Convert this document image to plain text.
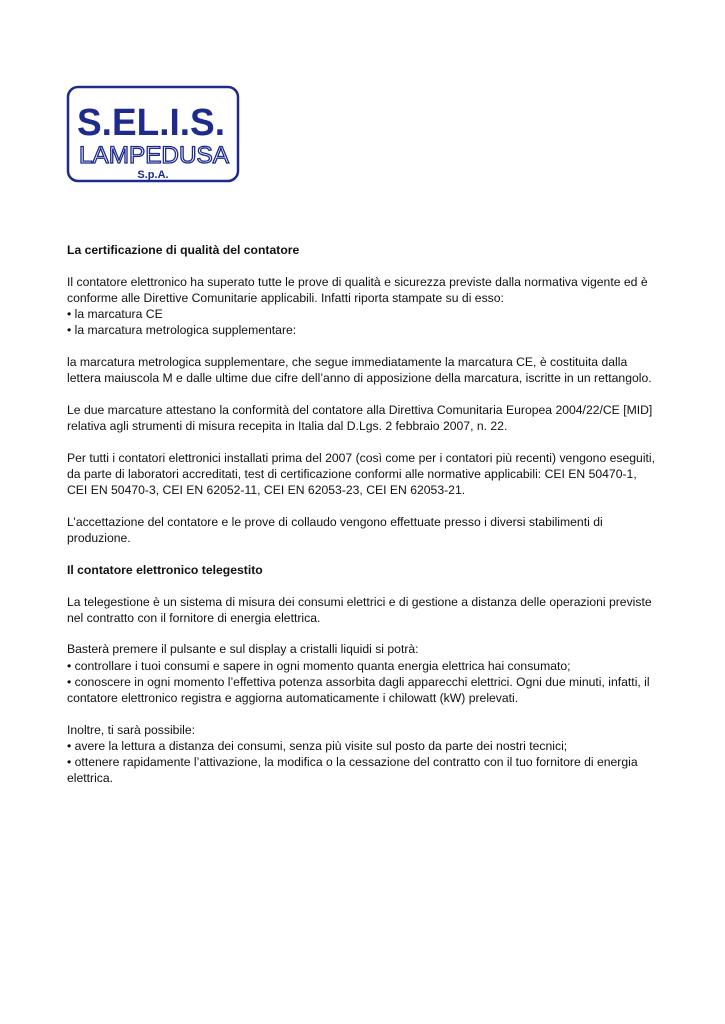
S.EL.I.S.
LAMPEDUSA
S.p.A.

La certificazione di qualità del contatore

Il contatore elettronico ha superato tutte le prove di qualità e sicurezza previste dalla normativa vigente ed è
conforme alle Direttive Comunitarie applicabili. Infatti riporta stampate su di esso:
• la marcatura CE
• la marcatura metrologica supplementare:

la marcatura metrologica supplementare, che segue immediatamente la marcatura CE, è costituita dalla
lettera maiuscola M e dalle ultime due cifre dell’anno di apposizione della marcatura, iscritte in un rettangolo.

Le due marcature attestano la conformità del contatore alla Direttiva Comunitaria Europea 2004/22/CE [MID]
relativa agli strumenti di misura recepita in Italia dal D.Lgs. 2 febbraio 2007, n. 22.

Per tutti i contatori elettronici installati prima del 2007 (così come per i contatori più recenti) vengono eseguiti,
da parte di laboratori accreditati, test di certificazione conformi alle normative applicabili: CEI EN 50470-1,
CEI EN 50470-3, CEI EN 62052-11, CEI EN 62053-23, CEI EN 62053-21.

L’accettazione del contatore e le prove di collaudo vengono effettuate presso i diversi stabilimenti di
produzione.

Il contatore elettronico telegestito

La telegestione è un sistema di misura dei consumi elettrici e di gestione a distanza delle operazioni previste
nel contratto con il fornitore di energia elettrica.

Basterà premere il pulsante e sul display a cristalli liquidi si potrà:
• controllare i tuoi consumi e sapere in ogni momento quanta energia elettrica hai consumato;
• conoscere in ogni momento l’effettiva potenza assorbita dagli apparecchi elettrici. Ogni due minuti, infatti, il
contatore elettronico registra e aggiorna automaticamente i chilowatt (kW) prelevati.

Inoltre, ti sarà possibile:
• avere la lettura a distanza dei consumi, senza più visite sul posto da parte dei nostri tecnici;
• ottenere rapidamente l’attivazione, la modifica o la cessazione del contratto con il tuo fornitore di energia
elettrica.
